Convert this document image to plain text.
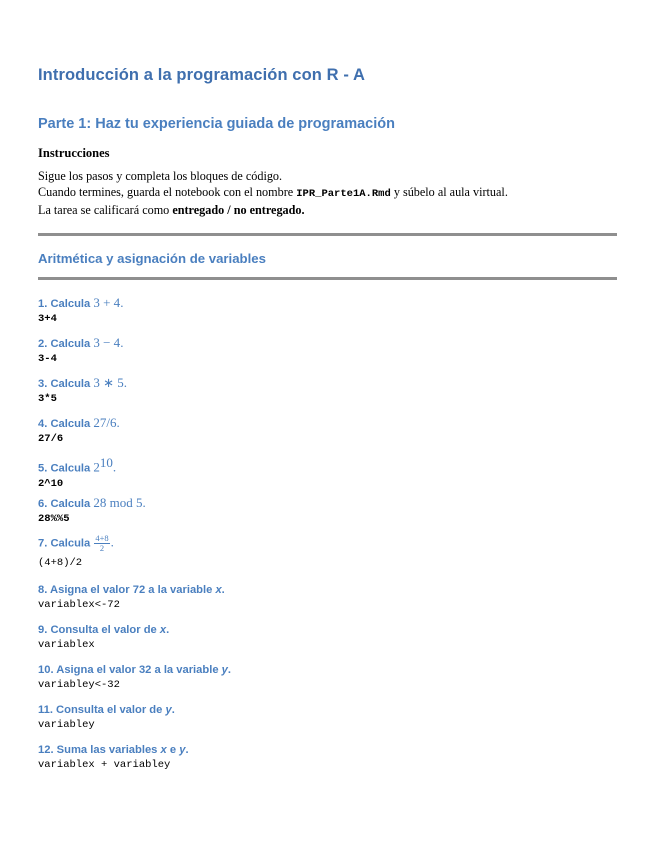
Introducción a la programación con R - A
Parte 1: Haz tu experiencia guiada de programación
Instrucciones
Sigue los pasos y completa los bloques de código.
Cuando termines, guarda el notebook con el nombre IPR_Parte1A.Rmd y súbelo al aula virtual.
La tarea se calificará como entregado / no entregado.
Aritmética y asignación de variables
1. Calcula 3 + 4.
3+4
2. Calcula 3 − 4.
3-4
3. Calcula 3 ∗ 5.
3*5
4. Calcula 27/6.
27/6
5. Calcula $2^{10}$.
2^10
6. Calcula 28 mod 5.
28%%5
7. Calcula $\frac{4+8}{2}$ .
(4+8)/2
8. Asigna el valor 72 a la variable x.
variablex<-72
9. Consulta el valor de x.
variablex
10. Asigna el valor 32 a la variable y.
variabley<-32
11. Consulta el valor de y.
variabley
12. Suma las variables x e y.
variablex + variabley
